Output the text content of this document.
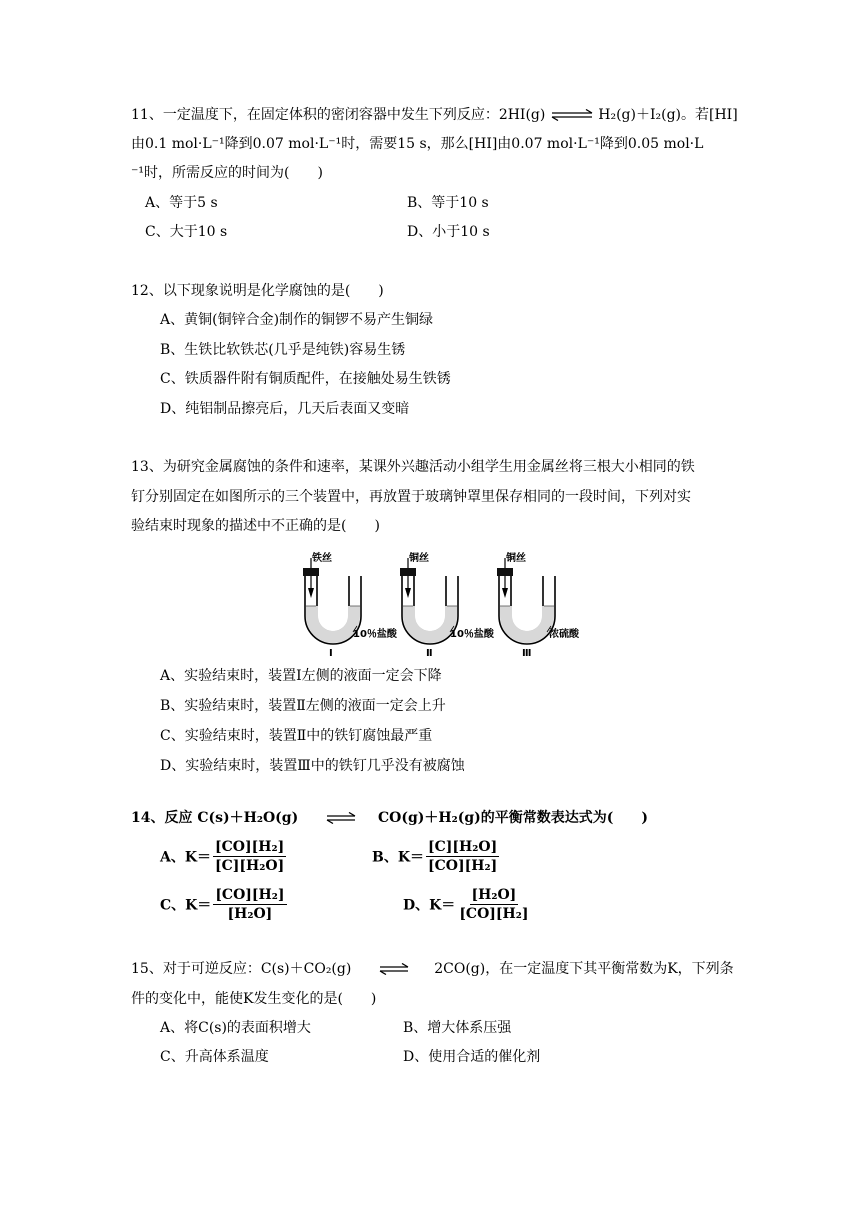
11、一定温度下，在固定体积的密闭容器中发生下列反应：2HI(g) ⇌ H₂(g)＋I₂(g)。若[HI]
由0.1 mol·L⁻¹降到0.07 mol·L⁻¹时，需要15 s，那么[HI]由0.07 mol·L⁻¹降到0.05 mol·L
⁻¹时，所需反应的时间为(　　)
A、等于5 s	B、等于10 s
C、大于10 s	D、小于10 s
12、以下现象说明是化学腐蚀的是(　　)
A、黄铜(铜锌合金)制作的铜锣不易产生铜绿
B、生铁比软铁芯(几乎是纯铁)容易生锈
C、铁质器件附有铜质配件，在接触处易生铁锈
D、纯铝制品擦亮后，几天后表面又变暗
13、为研究金属腐蚀的条件和速率，某课外兴趣活动小组学生用金属丝将三根大小相同的铁
钉分别固定在如图所示的三个装置中，再放置于玻璃钟罩里保存相同的一段时间，下列对实
验结束时现象的描述中不正确的是(　　)
铁丝	铜丝	铜丝
10％盐酸	10％盐酸	浓硫酸
Ⅰ	Ⅱ	Ⅲ
A、实验结束时，装置Ⅰ左侧的液面一定会下降
B、实验结束时，装置Ⅱ左侧的液面一定会上升
C、实验结束时，装置Ⅱ中的铁钉腐蚀最严重
D、实验结束时，装置Ⅲ中的铁钉几乎没有被腐蚀
14、反应 C(s)＋H₂O(g) ⇌ CO(g)＋H₂(g)的平衡常数表达式为(　　)
A、$K= \frac{\text{[CO][H₂]}}{\text{[C][H₂O]}}$	B、$K= \frac{\text{[C][H₂O]}}{\text{[CO][H₂]}}$
C、$K= \frac{\text{[CO][H₂]}}{\text{[H₂O]}}$	D、$K= \frac{\text{[H₂O]}}{\text{[CO][H₂]}}$
15、对于可逆反应：C(s)＋CO₂(g) ⇌ 2CO(g)，在一定温度下其平衡常数为K，下列条
件的变化中，能使K发生变化的是(　　)
A、将C(s)的表面积增大	B、增大体系压强
C、升高体系温度	D、使用合适的催化剂
